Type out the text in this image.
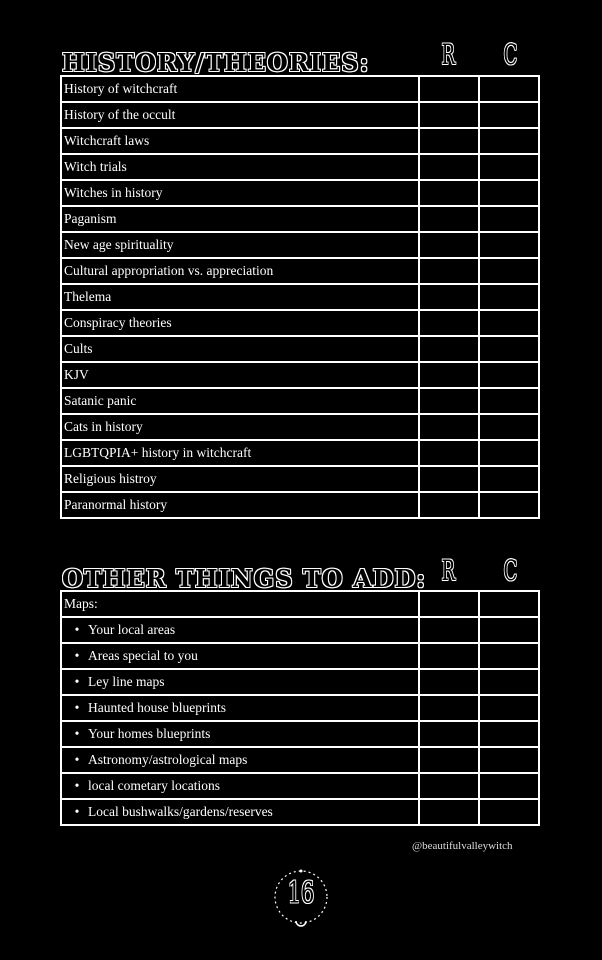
HISTORY/THEORIES:	R C
History of witchcraft		
History of the occult		
Witchcraft laws		
Witch trials		
Witches in history		
Paganism		
New age spirituality		
Cultural appropriation vs. appreciation		
Thelema		
Conspiracy theories		
Cults		
KJV		
Satanic panic		
Cats in history		
LGBTQPIA+ history in witchcraft		
Religious histroy		
Paranormal history		
OTHER THINGS TO ADD: R C
Maps:		
• Your local areas		
• Areas special to you		
• Ley line maps		
• Haunted house blueprints		
• Your homes blueprints		
• Astronomy/astrological maps		
• local cometary locations		
• Local bushwalks/gardens/reserves		
@beautifulvalleywitch
16
